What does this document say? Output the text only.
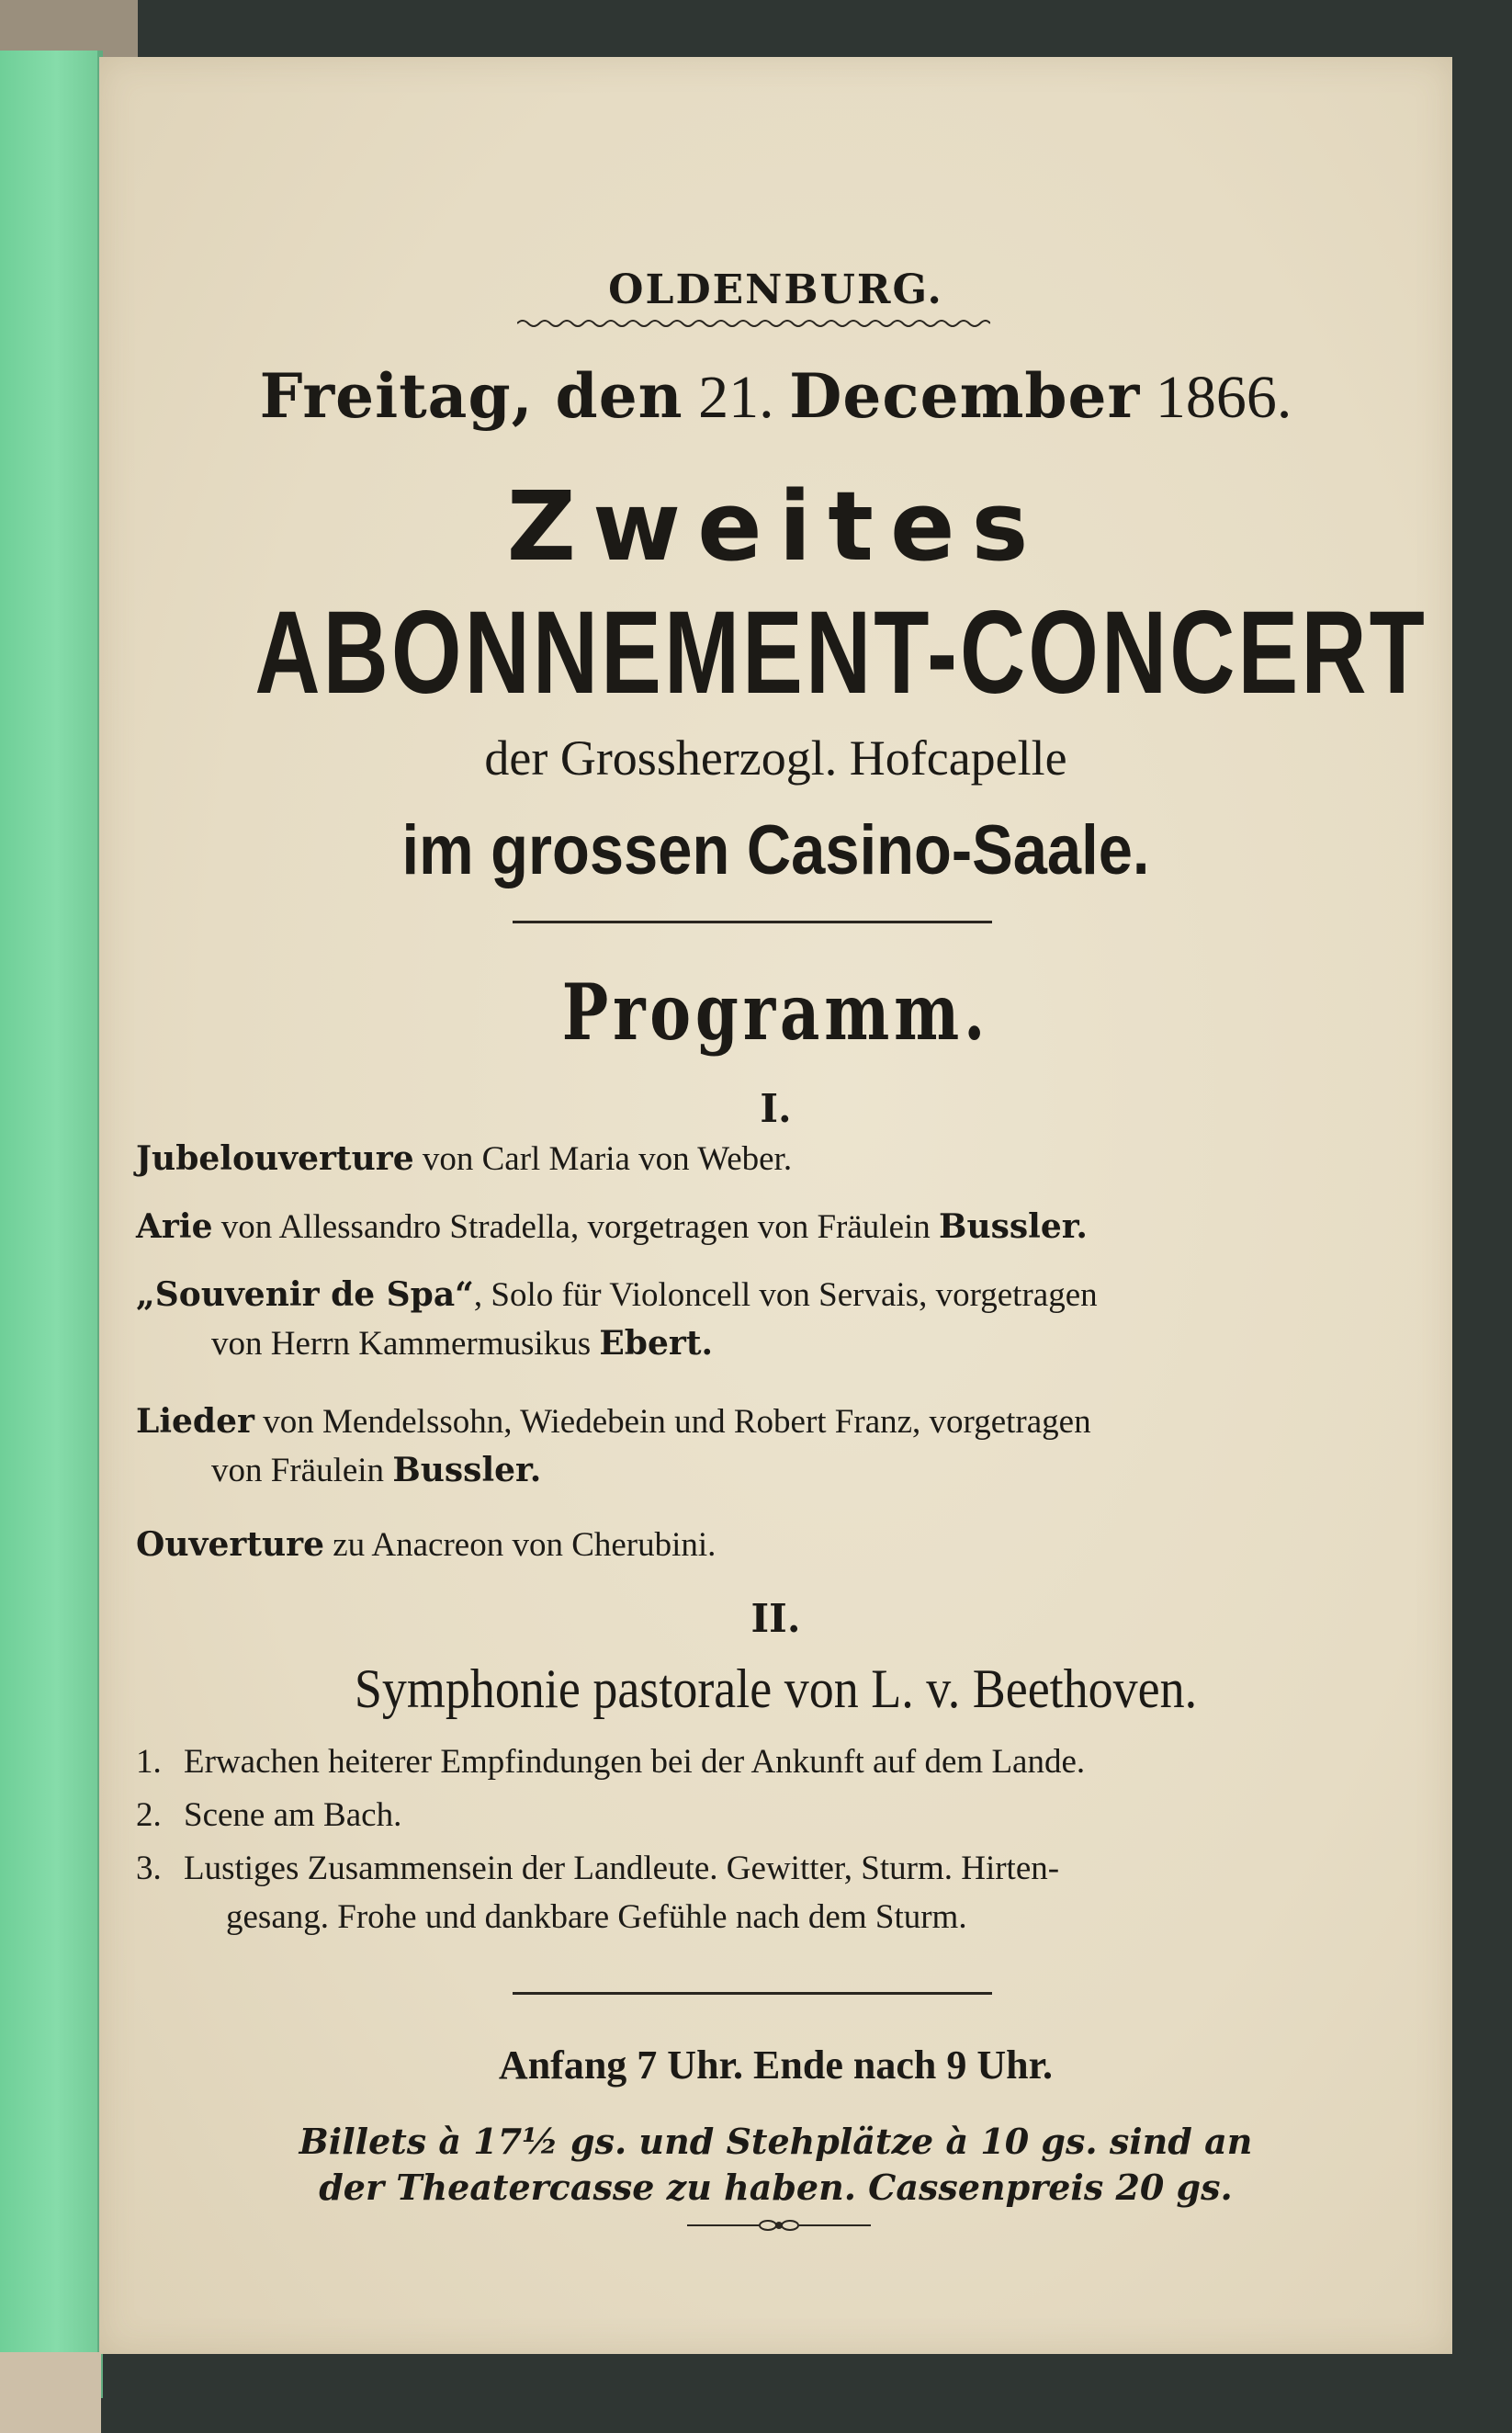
OLDENBURG.
Freitag, den 21. December 1866.
Zweites
ABONNEMENT-CONCERT
der Grossherzogl. Hofcapelle
im grossen Casino-Saale.
Programm.
I.
Jubelouverture von Carl Maria von Weber.
Arie von Allessandro Stradella, vorgetragen von Fräulein Bussler.
„Souvenir de Spa“, Solo für Violoncell von Servais, vorgetragen
von Herrn Kammermusikus Ebert.
Lieder von Mendelssohn, Wiedebein und Robert Franz, vorgetragen
von Fräulein Bussler.
Ouverture zu Anacreon von Cherubini.
II.
Symphonie pastorale von L. v. Beethoven.
1. Erwachen heiterer Empfindungen bei der Ankunft auf dem Lande.
2. Scene am Bach.
3. Lustiges Zusammensein der Landleute. Gewitter, Sturm. Hirten-
gesang. Frohe und dankbare Gefühle nach dem Sturm.
Anfang 7 Uhr. Ende nach 9 Uhr.
Billets à 17½ gs. und Stehplätze à 10 gs. sind an
der Theatercasse zu haben. Cassenpreis 20 gs.
